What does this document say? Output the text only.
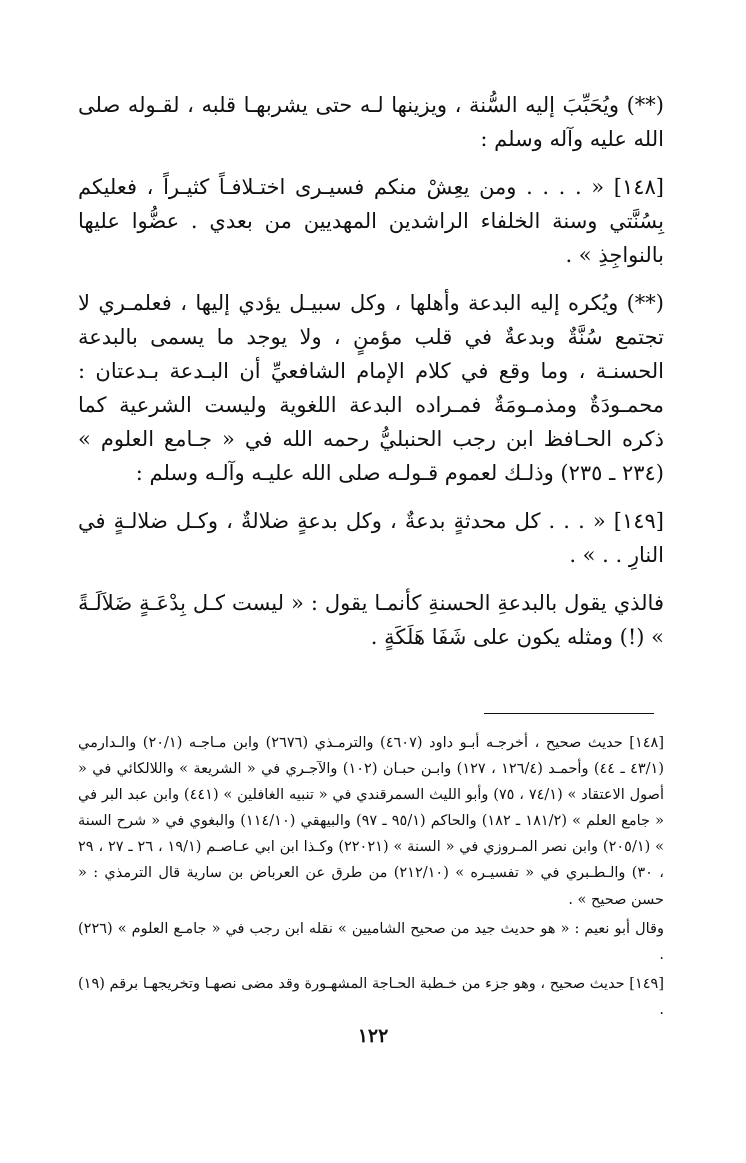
(**) ويُحَبِّبَ إليه السُّنة ، ويزينها لـه حتى يشربهـا قلبه ، لقـوله صلى الله عليه وآله وسلم :

[١٤٨] « . . . . ومن يعِشْ منكم فسيـرى اختـلافـاً كثيـراً ، فعليكم بِسُنَّتي وسنة الخلفاء الراشدين المهديين من بعدي . عضُّوا عليها بالنواجِذِ » .

(**) ويُكره إليه البدعة وأهلها ، وكل سبيـل يؤدي إليها ، فعلمـري لا تجتمع سُنَّةٌ وبدعةٌ في قلب مؤمنٍ ، ولا يوجد ما يسمى بالبدعة الحسنـة ، وما وقع في كلام الإمام الشافعيِّ أن البـدعة بـدعتان : محمـودَةٌ ومذمـومَةٌ فمـراده البدعة اللغوية وليست الشرعية كما ذكره الحـافظ ابن رجب الحنبليُّ رحمه الله في « جـامع العلوم » (٢٣٤ ـ ٢٣٥) وذلـك لعموم قـولـه صلى الله عليـه وآلـه وسلم :

[١٤٩] « . . . كل محدثةٍ بدعةٌ ، وكل بدعةٍ ضلالةٌ ، وكـل ضلالـةٍ في النارِ . . » .

فالذي يقول بالبدعةِ الحسنةِ كأنمـا يقول : « ليست كـل بِدْعَـةٍ ضَلاَلَـةً » (!) ومثله يكون على شَفَا هَلَكَةٍ .

[١٤٨] حديث صحيح ، أخرجـه أبـو داود (٤٦٠٧) والترمـذي (٢٦٧٦) وابن مـاجـه (٢٠/١) والـدارمي (٤٣/١ ـ ٤٤) وأحمـد (١٢٦/٤ ، ١٢٧) وابـن حبـان (١٠٢) والآجـري في « الشريعة » واللالكائي في « أصول الاعتقاد » (٧٤/١ ، ٧٥) وأبو الليث السمرقندي في « تنبيه الغافلين » (٤٤١) وابن عبد البر في « جامع العلم » (١٨١/٢ ـ ١٨٢) والحاكم (٩٥/١ ـ ٩٧) والبيهقي (١١٤/١٠) والبغوي في « شرح السنة » (٢٠٥/١) وابن نصر المـروزي في « السنة » (٢٢٠٢١) وكـذا ابن ابي عـاصـم (١٩/١ ، ٢٦ ـ ٢٧ ، ٢٩ ، ٣٠) والـطـبري في « تفسيـره » (٢١٢/١٠) من طرق عن العرباض بن سارية قال الترمذي : « حسن صحيح » .

وقال أبو نعيم : « هو حديث جيد من صحيح الشاميين » نقله ابن رجب في « جامـع العلوم » (٢٢٦) .

[١٤٩] حديث صحيح ، وهو جزء من خـطبة الحـاجة المشهـورة وقد مضى نصهـا وتخريجهـا برقم (١٩) .

١٢٢
